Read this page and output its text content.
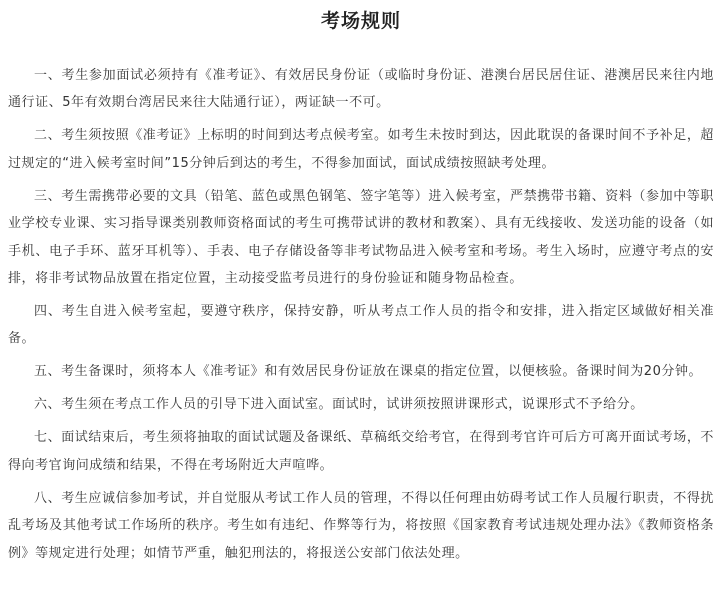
考场规则

一、考生参加面试必须持有《准考证》、有效居民身份证（或临时身份证、港澳台居民居住证、港澳居民来往内地通行证、5年有效期台湾居民来往大陆通行证），两证缺一不可。

二、考生须按照《准考证》上标明的时间到达考点候考室。如考生未按时到达，因此耽误的备课时间不予补足，超过规定的“进入候考室时间”15分钟后到达的考生，不得参加面试，面试成绩按照缺考处理。

三、考生需携带必要的文具（铅笔、蓝色或黑色钢笔、签字笔等）进入候考室，严禁携带书籍、资料（参加中等职业学校专业课、实习指导课类别教师资格面试的考生可携带试讲的教材和教案）、具有无线接收、发送功能的设备（如手机、电子手环、蓝牙耳机等）、手表、电子存储设备等非考试物品进入候考室和考场。考生入场时，应遵守考点的安排，将非考试物品放置在指定位置，主动接受监考员进行的身份验证和随身物品检查。

四、考生自进入候考室起，要遵守秩序，保持安静，听从考点工作人员的指令和安排，进入指定区域做好相关准备。

五、考生备课时，须将本人《准考证》和有效居民身份证放在课桌的指定位置，以便核验。备课时间为20分钟。

六、考生须在考点工作人员的引导下进入面试室。面试时，试讲须按照讲课形式，说课形式不予给分。

七、面试结束后，考生须将抽取的面试试题及备课纸、草稿纸交给考官，在得到考官许可后方可离开面试考场，不得向考官询问成绩和结果，不得在考场附近大声喧哗。

八、考生应诚信参加考试，并自觉服从考试工作人员的管理，不得以任何理由妨碍考试工作人员履行职责，不得扰乱考场及其他考试工作场所的秩序。考生如有违纪、作弊等行为，将按照《国家教育考试违规处理办法》《教师资格条例》等规定进行处理；如情节严重，触犯刑法的，将报送公安部门依法处理。
